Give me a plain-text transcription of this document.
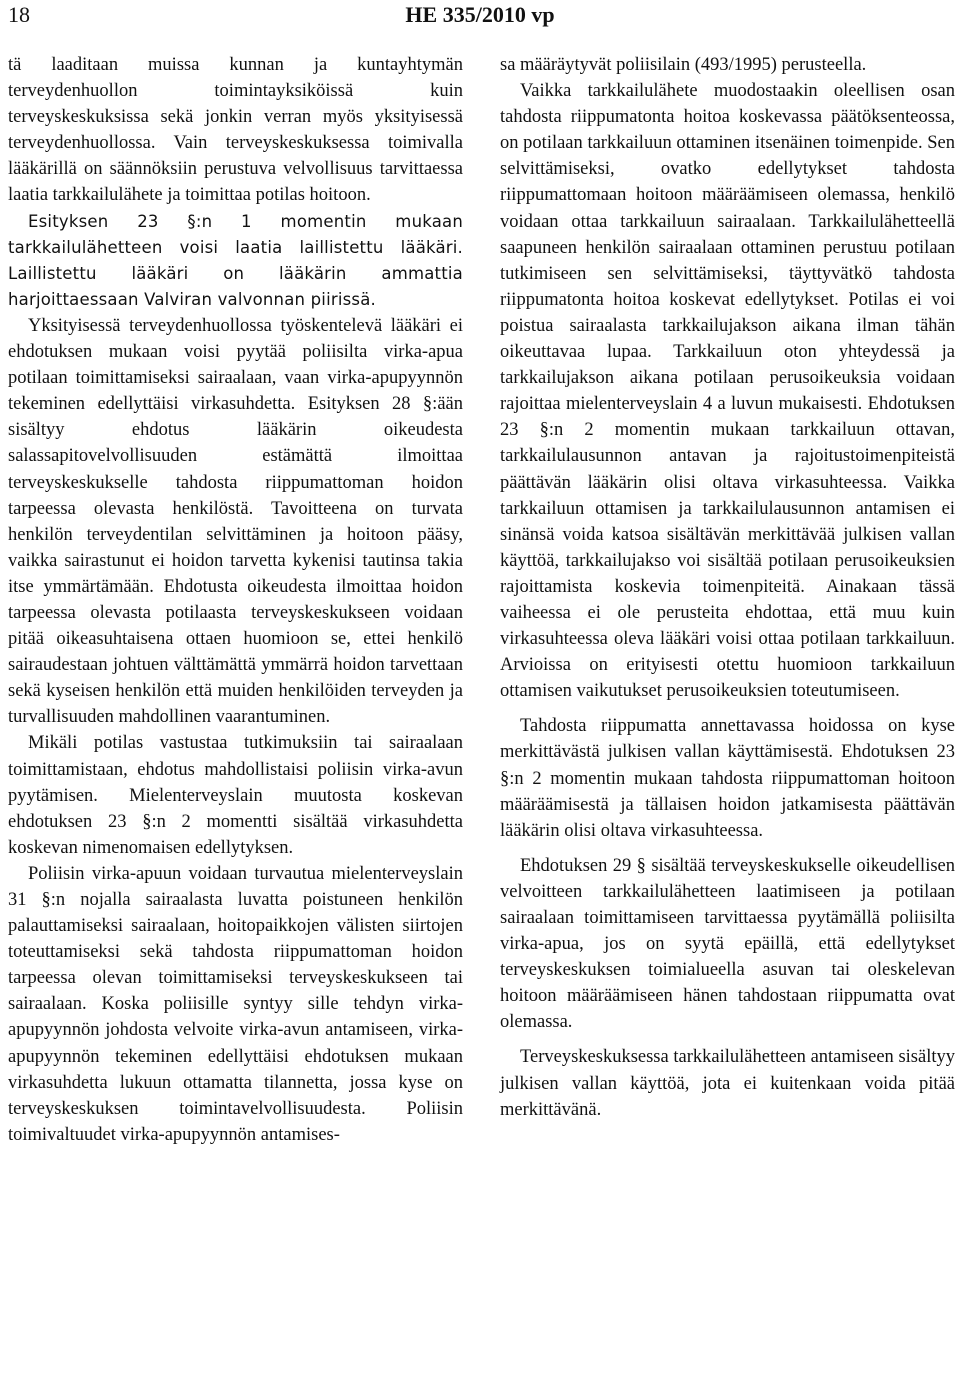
18	HE 335/2010 vp

tä laaditaan muissa kunnan ja kuntayhtymän terveydenhuollon toimintayksiköissä kuin terveyskeskuksissa sekä jonkin verran myös yksityisessä terveydenhuollossa. Vain terveyskeskuksessa toimivalla lääkärillä on säännöksiin perustuva velvollisuus tarvittaessa laatia tarkkailulähete ja toimittaa potilas hoitoon.

Esityksen 23 §:n 1 momentin mukaan tarkkailulähetteen voisi laatia laillistettu lääkäri. Laillistettu lääkäri on lääkärin ammattia harjoittaessaan Valviran valvonnan piirissä.

Yksityisessä terveydenhuollossa työskentelevä lääkäri ei ehdotuksen mukaan voisi pyytää poliisilta virka-apua potilaan toimittamiseksi sairaalaan, vaan virka-apupyynnön tekeminen edellyttäisi virkasuhdetta. Esityksen 28 §:ään sisältyy ehdotus lääkärin oikeudesta salassapitovelvollisuuden estämättä ilmoittaa terveyskeskukselle tahdosta riippumattoman hoidon tarpeessa olevasta henkilöstä. Tavoitteena on turvata henkilön terveydentilan selvittäminen ja hoitoon pääsy, vaikka sairastunut ei hoidon tarvetta kykenisi tautinsa takia itse ymmärtämään. Ehdotusta oikeudesta ilmoittaa hoidon tarpeessa olevasta potilaasta terveyskeskukseen voidaan pitää oikeasuhtaisena ottaen huomioon se, ettei henkilö sairaudestaan johtuen välttämättä ymmärrä hoidon tarvettaan sekä kyseisen henkilön että muiden henkilöiden terveyden ja turvallisuuden mahdollinen vaarantuminen.

Mikäli potilas vastustaa tutkimuksiin tai sairaalaan toimittamistaan, ehdotus mahdollistaisi poliisin virka-avun pyytämisen. Mielenterveyslain muutosta koskevan ehdotuksen 23 §:n 2 momentti sisältää virkasuhdetta koskevan nimenomaisen edellytyksen.

Poliisin virka-apuun voidaan turvautua mielenterveyslain 31 §:n nojalla sairaalasta luvatta poistuneen henkilön palauttamiseksi sairaalaan, hoitopaikkojen välisten siirtojen toteuttamiseksi sekä tahdosta riippumattoman hoidon tarpeessa olevan toimittamiseksi terveyskeskukseen tai sairaalaan. Koska poliisille syntyy sille tehdyn virka-apupyynnön johdosta velvoite virka-avun antamiseen, virka-apupyynnön tekeminen edellyttäisi ehdotuksen mukaan virkasuhdetta lukuun ottamatta tilannetta, jossa kyse on terveyskeskuksen toimintavelvollisuudesta. Poliisin toimivaltuudet virka-apupyynnön antamises-

sa määräytyvät poliisilain (493/1995) perusteella.

Vaikka tarkkailulähete muodostaakin oleellisen osan tahdosta riippumatonta hoitoa koskevassa päätöksenteossa, on potilaan tarkkailuun ottaminen itsenäinen toimenpide. Sen selvittämiseksi, ovatko edellytykset tahdosta riippumattomaan hoitoon määräämiseen olemassa, henkilö voidaan ottaa tarkkailuun sairaalaan. Tarkkailulähetteellä saapuneen henkilön sairaalaan ottaminen perustuu potilaan tutkimiseen sen selvittämiseksi, täyttyvätkö tahdosta riippumatonta hoitoa koskevat edellytykset. Potilas ei voi poistua sairaalasta tarkkailujakson aikana ilman tähän oikeuttavaa lupaa. Tarkkailuun oton yhteydessä ja tarkkailujakson aikana potilaan perusoikeuksia voidaan rajoittaa mielenterveyslain 4 a luvun mukaisesti. Ehdotuksen 23 §:n 2 momentin mukaan tarkkailuun ottavan, tarkkailulausunnon antavan ja rajoitustoimenpiteistä päättävän lääkärin olisi oltava virkasuhteessa. Vaikka tarkkailuun ottamisen ja tarkkailulausunnon antamisen ei sinänsä voida katsoa sisältävän merkittävää julkisen vallan käyttöä, tarkkailujakso voi sisältää potilaan perusoikeuksien rajoittamista koskevia toimenpiteitä. Ainakaan tässä vaiheessa ei ole perusteita ehdottaa, että muu kuin virkasuhteessa oleva lääkäri voisi ottaa potilaan tarkkailuun. Arvioissa on erityisesti otettu huomioon tarkkailuun ottamisen vaikutukset perusoikeuksien toteutumiseen.

Tahdosta riippumatta annettavassa hoidossa on kyse merkittävästä julkisen vallan käyttämisestä. Ehdotuksen 23 §:n 2 momentin mukaan tahdosta riippumattoman hoitoon määräämisestä ja tällaisen hoidon jatkamisesta päättävän lääkärin olisi oltava virkasuhteessa.

Ehdotuksen 29 § sisältää terveyskeskukselle oikeudellisen velvoitteen tarkkailulähetteen laatimiseen ja potilaan sairaalaan toimittamiseen tarvittaessa pyytämällä poliisilta virka-apua, jos on syytä epäillä, että edellytykset terveyskeskuksen toimialueella asuvan tai oleskelevan hoitoon määräämiseen hänen tahdostaan riippumatta ovat olemassa.

Terveyskeskuksessa tarkkailulähetteen antamiseen sisältyy julkisen vallan käyttöä, jota ei kuitenkaan voida pitää merkittävänä.
